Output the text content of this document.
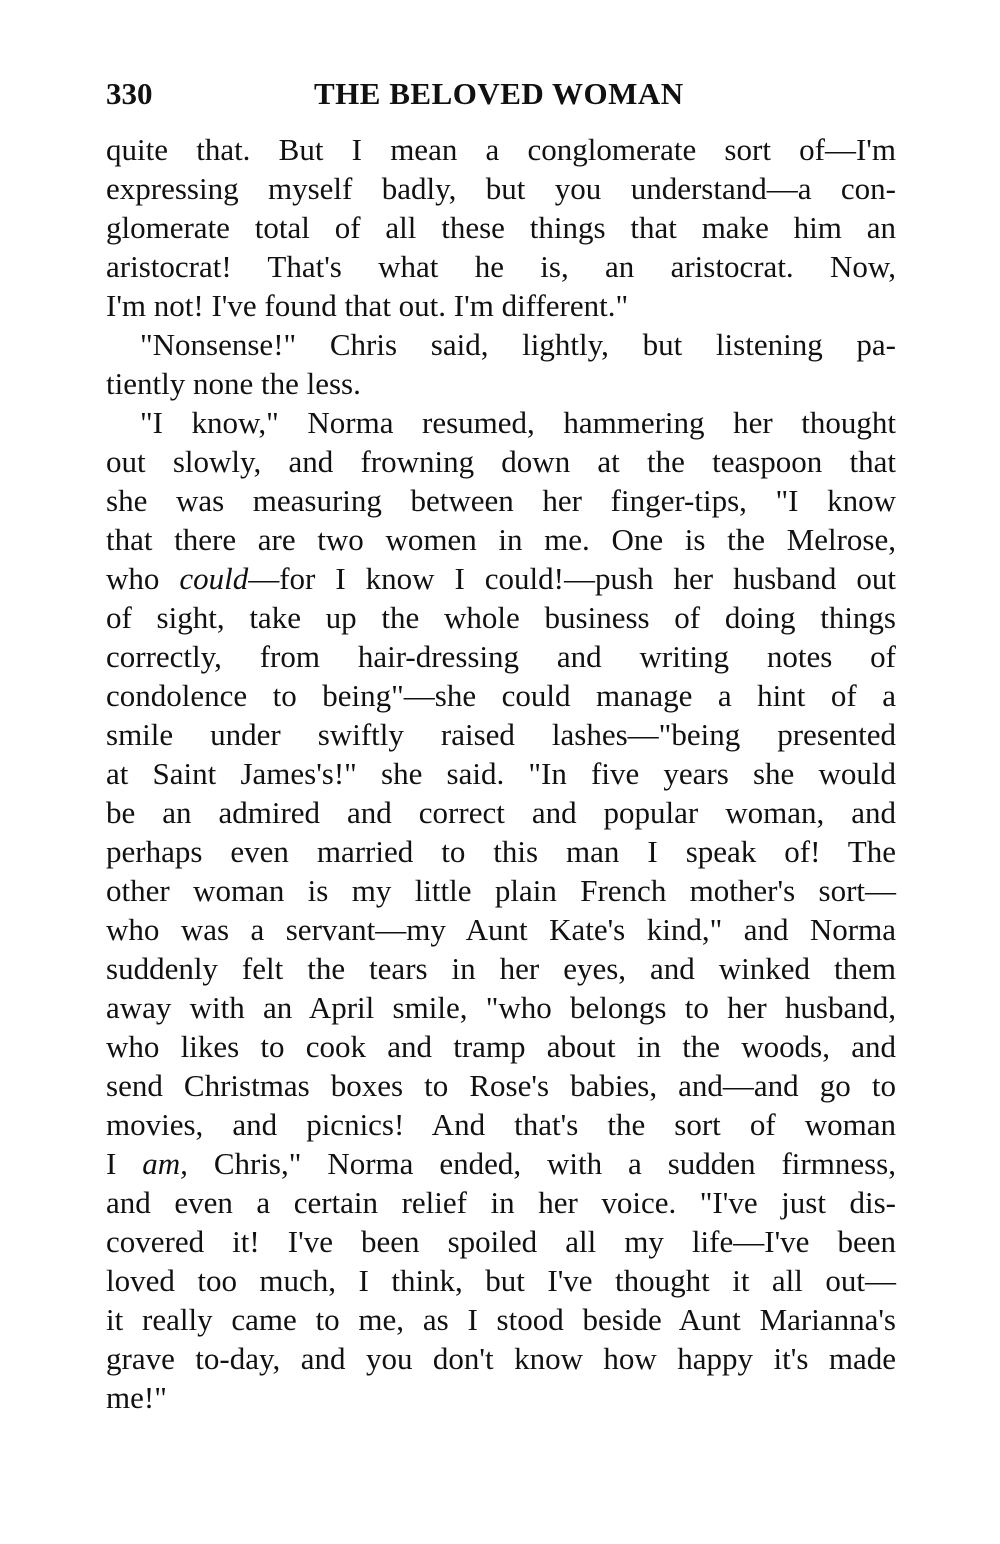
330	THE BELOVED WOMAN
quite that. But I mean a conglomerate sort of—I'm
expressing myself badly, but you understand—a con-
glomerate total of all these things that make him an
aristocrat! That's what he is, an aristocrat. Now,
I'm not! I've found that out. I'm different."
"Nonsense!" Chris said, lightly, but listening pa-
tiently none the less.
"I know," Norma resumed, hammering her thought
out slowly, and frowning down at the teaspoon that
she was measuring between her finger-tips, "I know
that there are two women in me. One is the Melrose,
who could—for I know I could!—push her husband out
of sight, take up the whole business of doing things
correctly, from hair-dressing and writing notes of
condolence to being"—she could manage a hint of a
smile under swiftly raised lashes—"being presented
at Saint James's!" she said. "In five years she would
be an admired and correct and popular woman, and
perhaps even married to this man I speak of! The
other woman is my little plain French mother's sort—
who was a servant—my Aunt Kate's kind," and Norma
suddenly felt the tears in her eyes, and winked them
away with an April smile, "who belongs to her husband,
who likes to cook and tramp about in the woods, and
send Christmas boxes to Rose's babies, and—and go to
movies, and picnics! And that's the sort of woman
I am, Chris," Norma ended, with a sudden firmness,
and even a certain relief in her voice. "I've just dis-
covered it! I've been spoiled all my life—I've been
loved too much, I think, but I've thought it all out—
it really came to me, as I stood beside Aunt Marianna's
grave to-day, and you don't know how happy it's made
me!"
